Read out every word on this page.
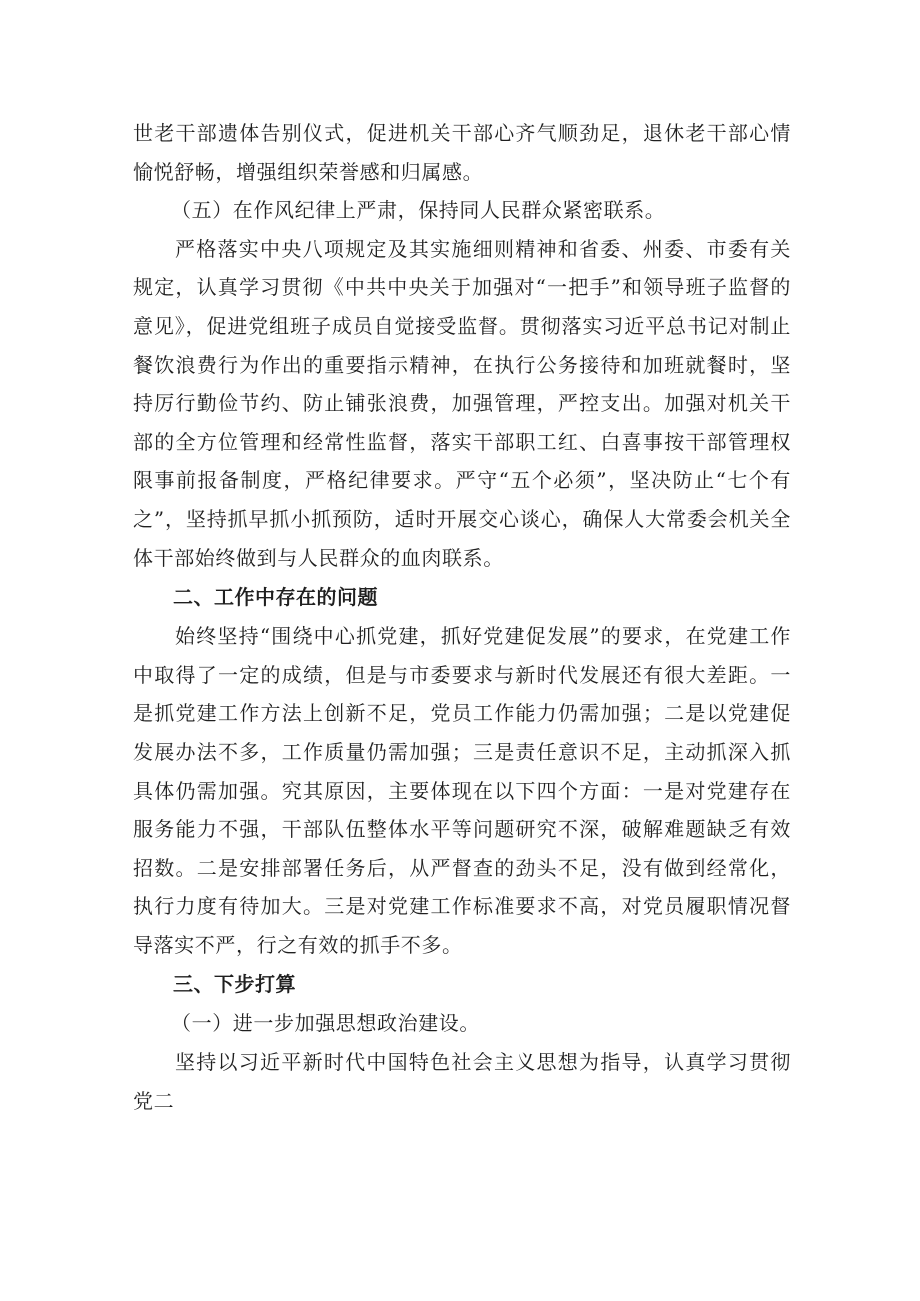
世老干部遗体告别仪式，促进机关干部心齐气顺劲足，退休老干部心情愉悦舒畅，增强组织荣誉感和归属感。

（五）在作风纪律上严肃，保持同人民群众紧密联系。

严格落实中央八项规定及其实施细则精神和省委、州委、市委有关规定，认真学习贯彻《中共中央关于加强对“一把手”和领导班子监督的意见》，促进党组班子成员自觉接受监督。贯彻落实习近平总书记对制止餐饮浪费行为作出的重要指示精神，在执行公务接待和加班就餐时，坚持厉行勤俭节约、防止铺张浪费，加强管理，严控支出。加强对机关干部的全方位管理和经常性监督，落实干部职工红、白喜事按干部管理权限事前报备制度，严格纪律要求。严守“五个必须”，坚决防止“七个有之”，坚持抓早抓小抓预防，适时开展交心谈心，确保人大常委会机关全体干部始终做到与人民群众的血肉联系。

二、工作中存在的问题

始终坚持“围绕中心抓党建，抓好党建促发展”的要求，在党建工作中取得了一定的成绩，但是与市委要求与新时代发展还有很大差距。一是抓党建工作方法上创新不足，党员工作能力仍需加强；二是以党建促发展办法不多，工作质量仍需加强；三是责任意识不足，主动抓深入抓具体仍需加强。究其原因，主要体现在以下四个方面：一是对党建存在服务能力不强，干部队伍整体水平等问题研究不深，破解难题缺乏有效招数。二是安排部署任务后，从严督查的劲头不足，没有做到经常化，执行力度有待加大。三是对党建工作标准要求不高，对党员履职情况督导落实不严，行之有效的抓手不多。

三、下步打算

（一）进一步加强思想政治建设。

坚持以习近平新时代中国特色社会主义思想为指导，认真学习贯彻党二
